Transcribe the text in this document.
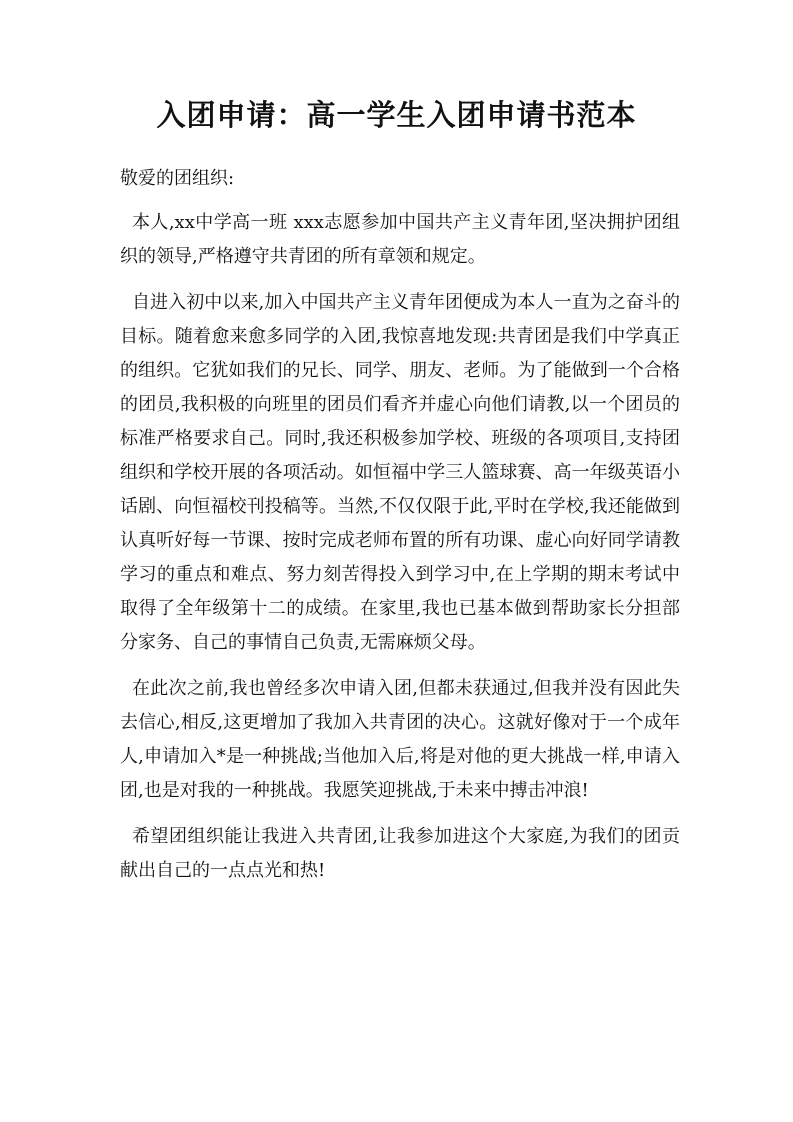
入团申请：高一学生入团申请书范本

敬爱的团组织:

本人,xx中学高一班 xxx志愿参加中国共产主义青年团,坚决拥护团组织的领导,严格遵守共青团的所有章领和规定。

自进入初中以来,加入中国共产主义青年团便成为本人一直为之奋斗的目标。随着愈来愈多同学的入团,我惊喜地发现:共青团是我们中学真正的组织。它犹如我们的兄长、同学、朋友、老师。为了能做到一个合格的团员,我积极的向班里的团员们看齐并虚心向他们请教,以一个团员的标准严格要求自己。同时,我还积极参加学校、班级的各项项目,支持团组织和学校开展的各项活动。如恒福中学三人篮球赛、高一年级英语小话剧、向恒福校刊投稿等。当然,不仅仅限于此,平时在学校,我还能做到认真听好每一节课、按时完成老师布置的所有功课、虚心向好同学请教学习的重点和难点、努力刻苦得投入到学习中,在上学期的期末考试中取得了全年级第十二的成绩。在家里,我也已基本做到帮助家长分担部分家务、自己的事情自己负责,无需麻烦父母。

在此次之前,我也曾经多次申请入团,但都未获通过,但我并没有因此失去信心,相反,这更增加了我加入共青团的决心。这就好像对于一个成年人,申请加入*是一种挑战;当他加入后,将是对他的更大挑战一样,申请入团,也是对我的一种挑战。我愿笑迎挑战,于未来中搏击冲浪!

希望团组织能让我进入共青团,让我参加进这个大家庭,为我们的团贡献出自己的一点点光和热!
